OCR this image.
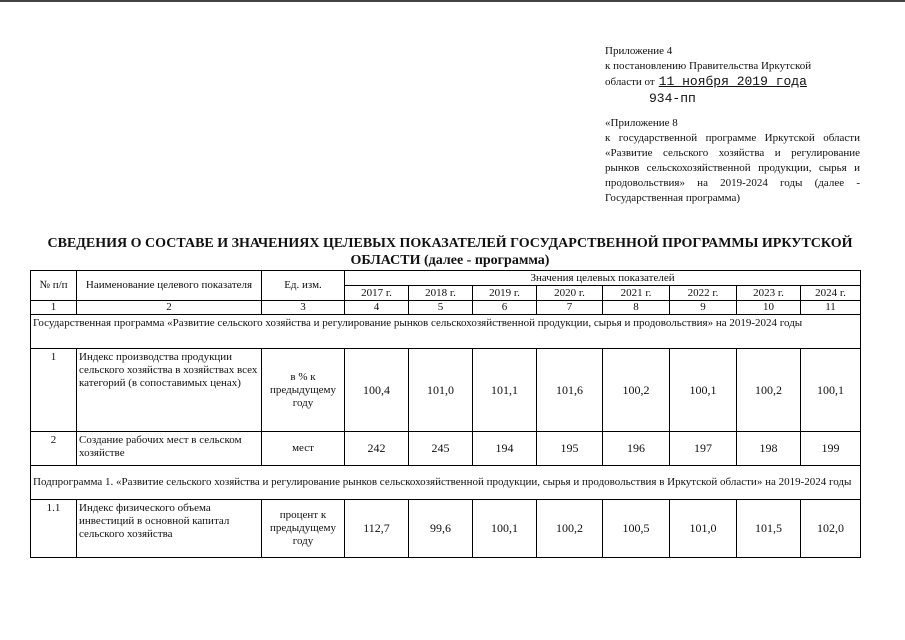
Приложение 4
к постановлению Правительства Иркутской
области от 11 ноября 2019 года
934-пп
«Приложение 8
к государственной программе Иркутской области «Развитие сельского хозяйства и регулирование рынков сельскохозяйственной продукции, сырья и продовольствия» на 2019-2024 годы (далее - Государственная программа)
СВЕДЕНИЯ О СОСТАВЕ И ЗНАЧЕНИЯХ ЦЕЛЕВЫХ ПОКАЗАТЕЛЕЙ ГОСУДАРСТВЕННОЙ ПРОГРАММЫ ИРКУТСКОЙ ОБЛАСТИ (далее - программа)
№ п/п	Наименование целевого показателя	Ед. изм.	Значения целевых показателей							
			2017 г.	2018 г.	2019 г.	2020 г.	2021 г.	2022 г.	2023 г.	2024 г.
1	2	3	4	5	6	7	8	9	10	11
Государственная программа «Развитие сельского хозяйства и регулирование рынков сельскохозяйственной продукции, сырья и продовольствия» на 2019-2024 годы										
1	Индекс производства продукции сельского хозяйства в хозяйствах всех категорий (в сопоставимых ценах)	в % к предыдущему году	100,4	101,0	101,1	101,6	100,2	100,1	100,2	100,1
2	Создание рабочих мест в сельском хозяйстве	мест	242	245	194	195	196	197	198	199
Подпрограмма 1. «Развитие сельского хозяйства и регулирование рынков сельскохозяйственной продукции, сырья и продовольствия в Иркутской области» на 2019-2024 годы										
1.1	Индекс физического объема инвестиций в основной капитал сельского хозяйства	процент к предыдущему году	112,7	99,6	100,1	100,2	100,5	101,0	101,5	102,0
